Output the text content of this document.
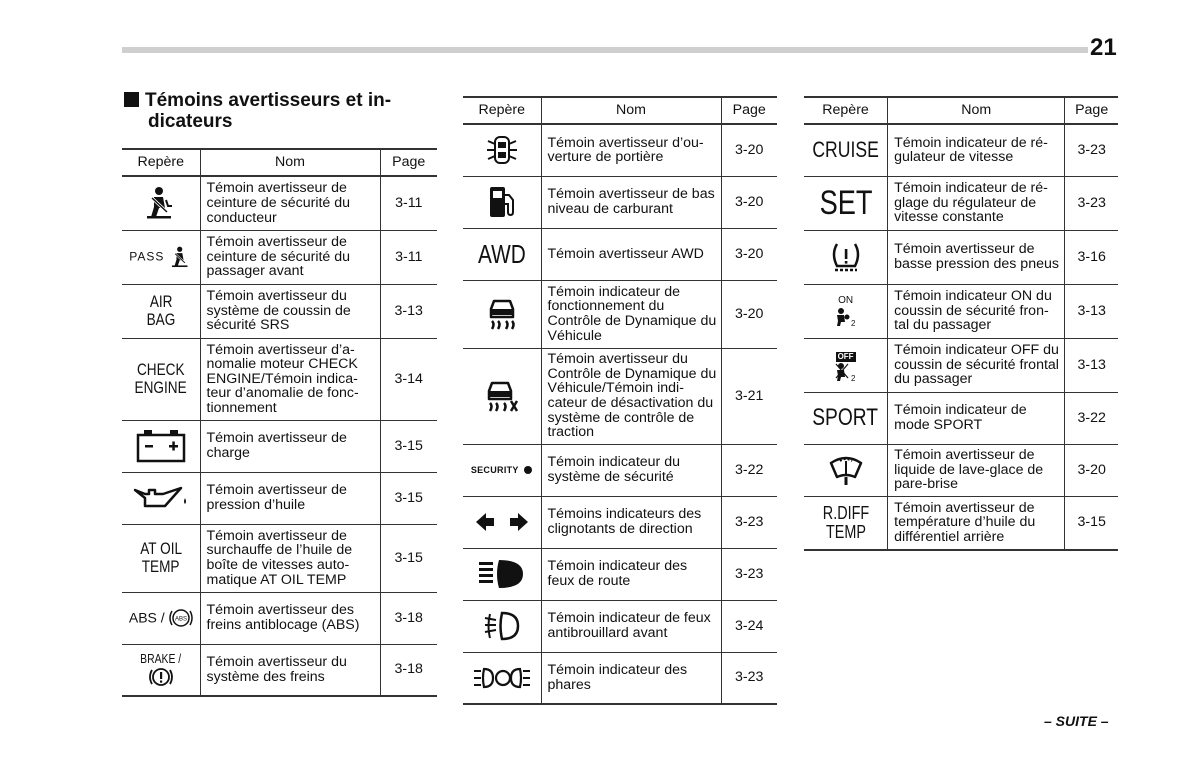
21
Témoins avertisseurs et in-
dicateurs
Repère	Nom	Page
	Témoin avertisseur de ceinture de sécurité du conducteur	3-11
PASS	Témoin avertisseur de ceinture de sécurité du passager avant	3-11
AIR
BAG	Témoin avertisseur du système de coussin de sécurité SRS	3-13
CHECK
ENGINE	Témoin avertisseur d’a-nomalie moteur CHECK ENGINE/Témoin indica-teur d’anomalie de fonc-tionnement	3-14
	Témoin avertisseur de charge	3-15
	Témoin avertisseur de pression d’huile	3-15
AT OIL
TEMP	Témoin avertisseur de surchauffe de l’huile de boîte de vitesses auto-matique AT OIL TEMP	3-15
ABS / ABS	Témoin avertisseur des freins antiblocage (ABS)	3-18
BRAKE /	Témoin avertisseur du système des freins	3-18
Repère	Nom	Page
	Témoin avertisseur d’ou-verture de portière	3-20
	Témoin avertisseur de bas niveau de carburant	3-20
AWD	Témoin avertisseur AWD	3-20
	Témoin indicateur de fonctionnement du Contrôle de Dynamique du Véhicule	3-20
	Témoin avertisseur du Contrôle de Dynamique du Véhicule/Témoin indi-cateur de désactivation du système de contrôle de traction	3-21
SECURITY	Témoin indicateur du système de sécurité	3-22
	Témoins indicateurs des clignotants de direction	3-23
	Témoin indicateur des feux de route	3-23
	Témoin indicateur de feux antibrouillard avant	3-24
	Témoin indicateur des phares	3-23
Repère	Nom	Page
CRUISE	Témoin indicateur de ré-gulateur de vitesse	3-23
SET	Témoin indicateur de ré-glage du régulateur de vitesse constante	3-23
	Témoin avertisseur de basse pression des pneus	3-16

ON
2	Témoin indicateur ON du coussin de sécurité fron-tal du passager	3-13
OFF

2	Témoin indicateur OFF du coussin de sécurité frontal du passager	3-13
SPORT	Témoin indicateur de mode SPORT	3-22
	Témoin avertisseur de liquide de lave-glace de pare-brise	3-20
R.DIFF
TEMP	Témoin avertisseur de température d’huile du différentiel arrière	3-15
– SUITE –
